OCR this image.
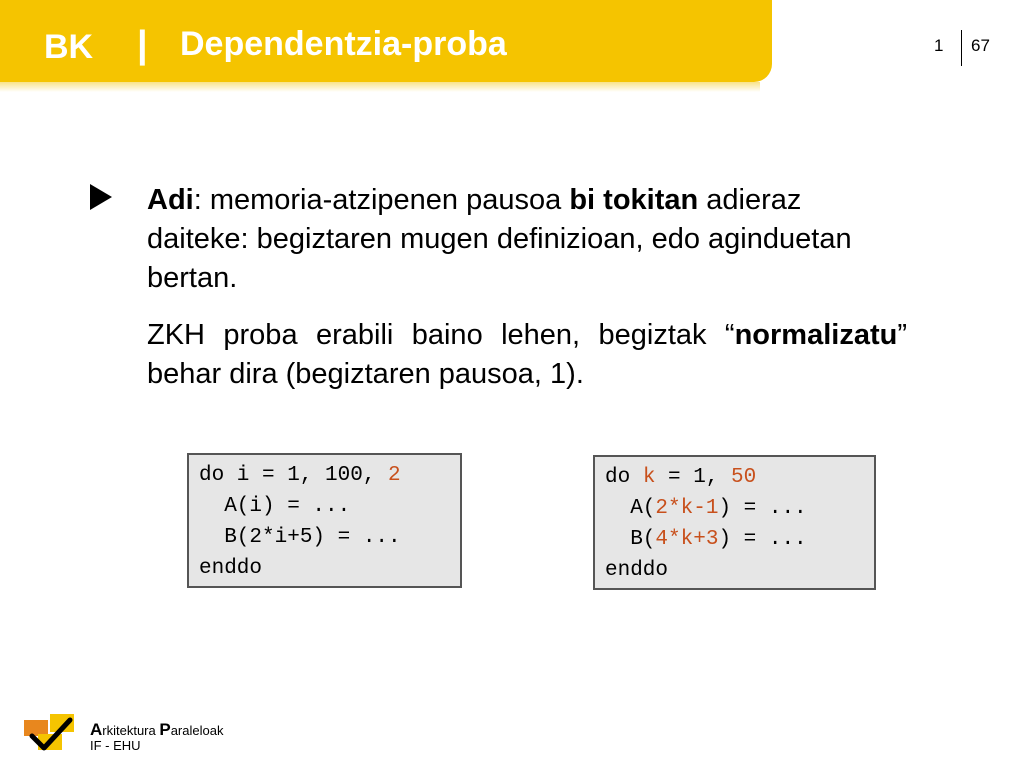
BK | Dependentzia-proba	1 67
Adi: memoria-atzipenen pausoa bi tokitan adieraz daiteke: begiztaren mugen definizioan, edo aginduetan bertan.
ZKH proba erabili baino lehen, begiztak “normalizatu” behar dira (begiztaren pausoa, 1).
do i = 1, 100, 2
A(i) = ...
B(2*i+5) = ...
enddo
do k = 1, 50
A(2*k-1) = ...
B(4*k+3) = ...
enddo
Arkitektura Paraleloak
IF - EHU
